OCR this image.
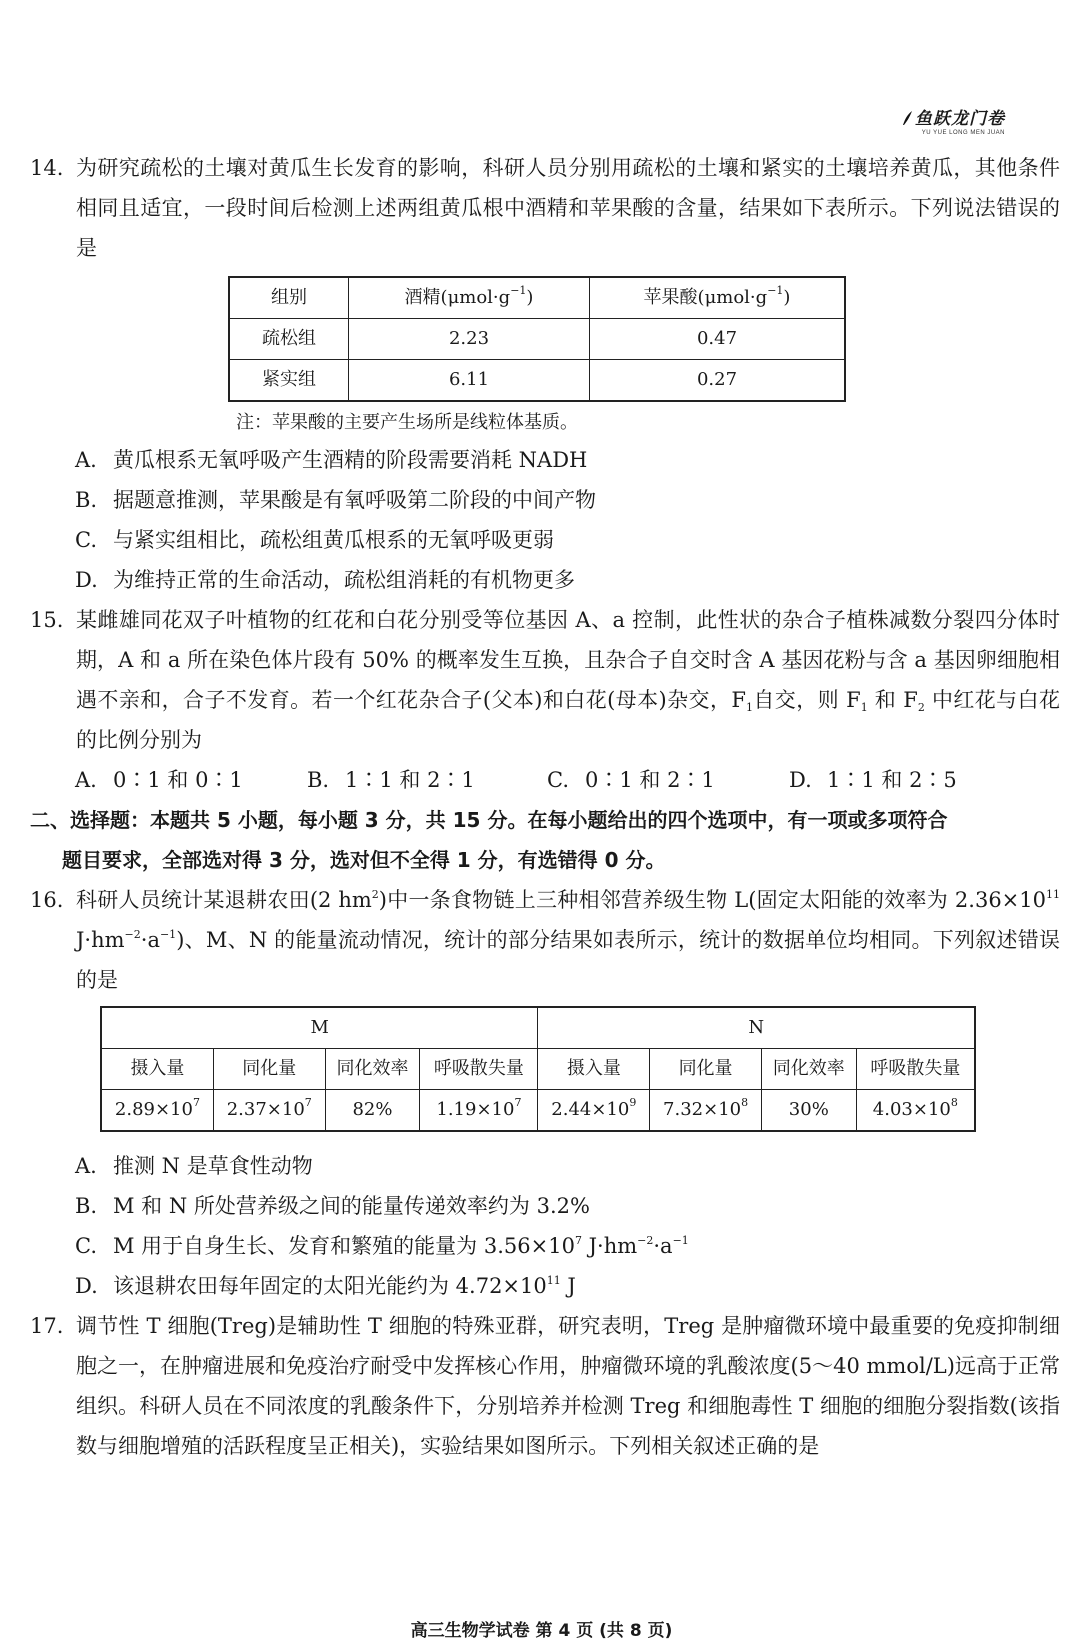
鱼跃龙门卷
YU YUE LONG MEN JUAN
14. 为研究疏松的土壤对黄瓜生长发育的影响，科研人员分别用疏松的土壤和紧实的土壤培养黄瓜，其他条件相同且适宜，一段时间后检测上述两组黄瓜根中酒精和苹果酸的含量，结果如下表所示。下列说法错误的是
组别	酒精$(\mu mol\cdot g^{-1})$	苹果酸$(\mu mol\cdot g^{-1})$
疏松组	2.23	0.47
紧实组	6.11	0.27
注：苹果酸的主要产生场所是线粒体基质。
A. 黄瓜根系无氧呼吸产生酒精的阶段需要消耗 NADH
B. 据题意推测，苹果酸是有氧呼吸第二阶段的中间产物
C. 与紧实组相比，疏松组黄瓜根系的无氧呼吸更弱
D. 为维持正常的生命活动，疏松组消耗的有机物更多
15. 某雌雄同花双子叶植物的红花和白花分别受等位基因 A、a 控制，此性状的杂合子植株减数分裂四分体时期，A 和 a 所在染色体片段有 50% 的概率发生互换，且杂合子自交时含 A 基因花粉与含 a 基因卵细胞相遇不亲和，合子不发育。若一个红花杂合子(父本)和白花(母本)杂交，$F_1$自交，则 $F_1$ 和 $F_2$ 中红花与白花的比例分别为
A. 0∶1 和 0∶1	B. 1∶1 和 2∶1	C. 0∶1 和 2∶1	D. 1∶1 和 2∶5
二、选择题：本题共 5 小题，每小题 3 分，共 15 分。在每小题给出的四个选项中，有一项或多项符合
题目要求，全部选对得 3 分，选对但不全得 1 分，有选错得 0 分。
16. 科研人员统计某退耕农田(2 $hm^2$)中一条食物链上三种相邻营养级生物 L(固定太阳能的效率为 $2.36\times 10^{11}$ $J\cdot hm^{-2}\cdot a^{-1}$)、M、N 的能量流动情况，统计的部分结果如表所示，统计的数据单位均相同。下列叙述错误的是
M				N			
摄入量	同化量	同化效率	呼吸散失量	摄入量	同化量	同化效率	呼吸散失量
$2.89\times 10^7$	$2.37\times 10^7$	82%	$1.19\times 10^7$	$2.44\times 10^9$	$7.32\times 10^8$	30%	$4.03\times 10^8$
A. 推测 N 是草食性动物
B. M 和 N 所处营养级之间的能量传递效率约为 3.2%
C. M 用于自身生长、发育和繁殖的能量为 $3.56\times 10^7$ $J\cdot hm^{-2}\cdot a^{-1}$
D. 该退耕农田每年固定的太阳光能约为 $4.72\times 10^{11}$ J
17. 调节性 T 细胞(Treg)是辅助性 T 细胞的特殊亚群，研究表明，Treg 是肿瘤微环境中最重要的免疫抑制细胞之一，在肿瘤进展和免疫治疗耐受中发挥核心作用，肿瘤微环境的乳酸浓度(5～40 mmol/L)远高于正常组织。科研人员在不同浓度的乳酸条件下，分别培养并检测 Treg 和细胞毒性 T 细胞的细胞分裂指数(该指数与细胞增殖的活跃程度呈正相关)，实验结果如图所示。下列相关叙述正确的是
高三生物学试卷 第 4 页 (共 8 页)
